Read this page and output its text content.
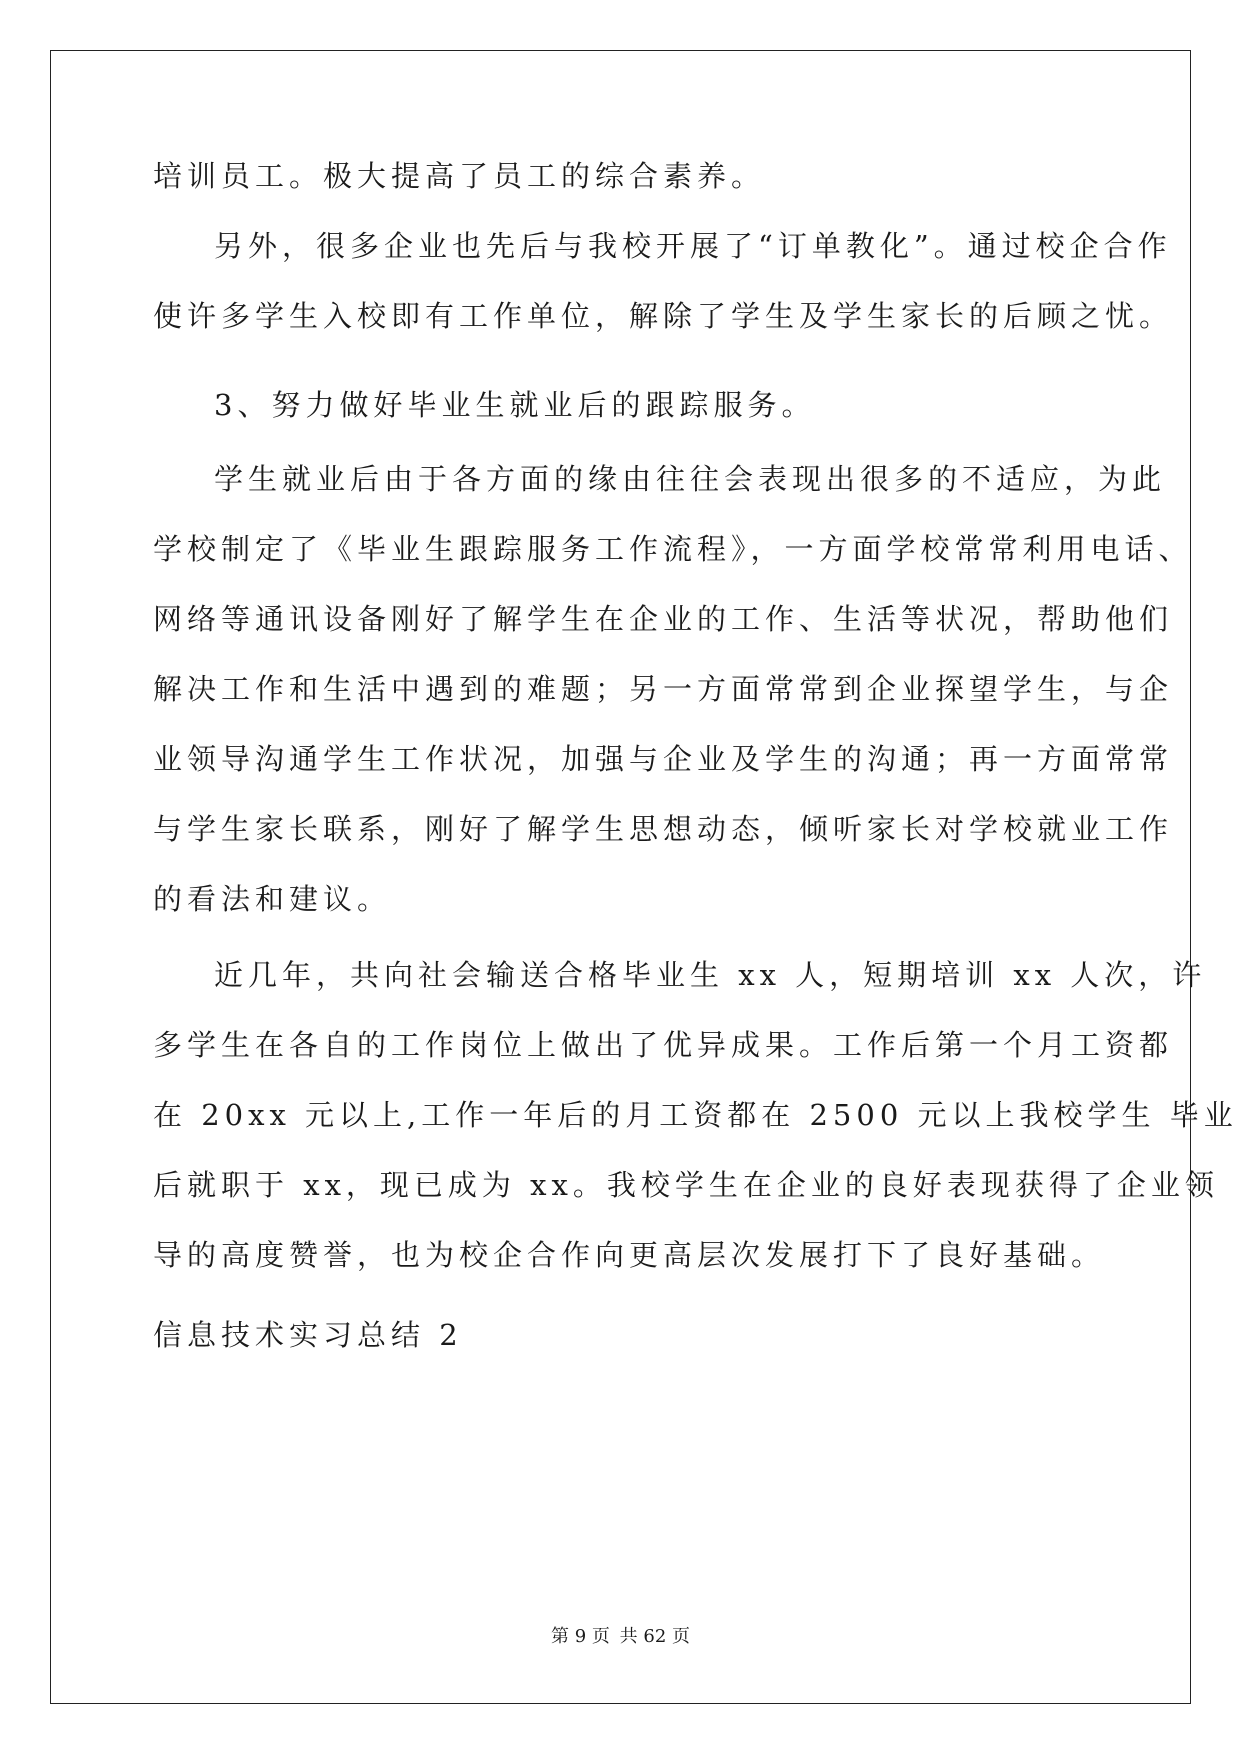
培训员工。极大提高了员工的综合素养。
另外，很多企业也先后与我校开展了“订单教化”。通过校企合作
使许多学生入校即有工作单位，解除了学生及学生家长的后顾之忧。
3、努力做好毕业生就业后的跟踪服务。
学生就业后由于各方面的缘由往往会表现出很多的不适应，为此
学校制定了《毕业生跟踪服务工作流程》，一方面学校常常利用电话、
网络等通讯设备刚好了解学生在企业的工作、生活等状况，帮助他们
解决工作和生活中遇到的难题；另一方面常常到企业探望学生，与企
业领导沟通学生工作状况，加强与企业及学生的沟通；再一方面常常
与学生家长联系，刚好了解学生思想动态，倾听家长对学校就业工作
的看法和建议。
近几年，共向社会输送合格毕业生 xx 人，短期培训 xx 人次，许
多学生在各自的工作岗位上做出了优异成果。工作后第一个月工资都
在 20xx 元以上,工作一年后的月工资都在 2500 元以上我校学生 毕业
后就职于 xx，现已成为 xx。我校学生在企业的良好表现获得了企业领
导的高度赞誉，也为校企合作向更高层次发展打下了良好基础。
信息技术实习总结 2
第 9 页 共 62 页
